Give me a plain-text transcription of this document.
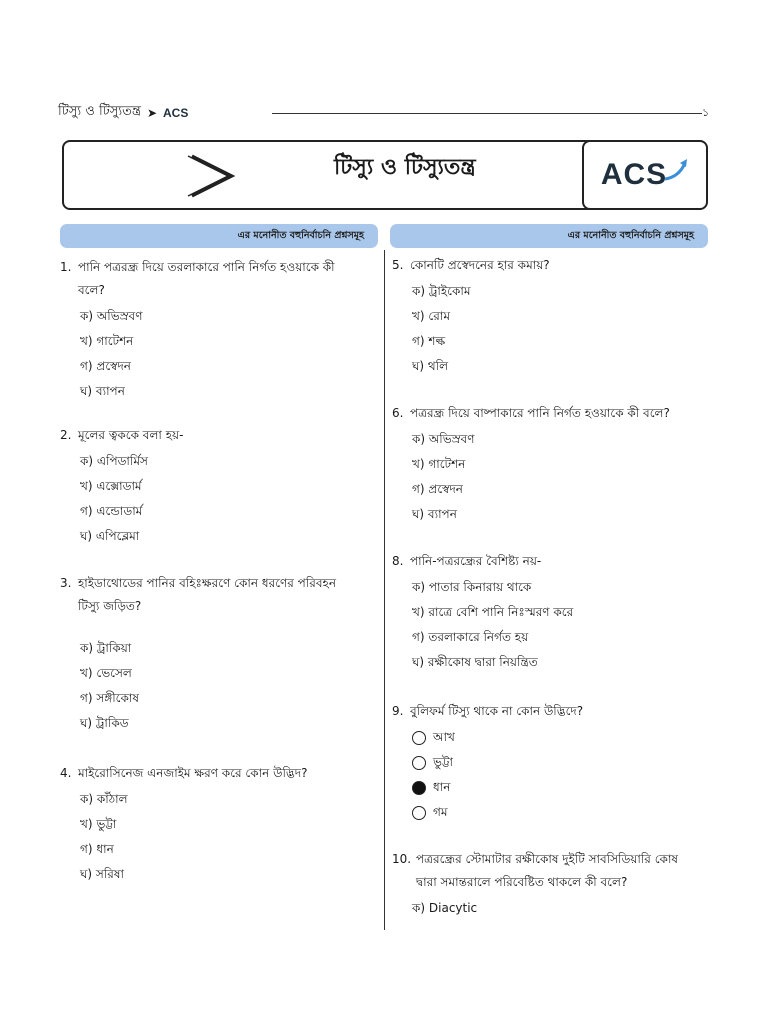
টিস্যু ও টিস্যুতন্ত্র ➤ ACS	১
টিস্যু ও টিস্যুতন্ত্র	ACS
এর মনোনীত বহুনির্বাচনি প্রশ্নসমূহ	এর মনোনীত বহুনির্বাচনি প্রশ্নসমূহ
1. পানি পত্ররন্ধ্র দিয়ে তরলাকারে পানি নির্গত হওয়াকে কী
বলে?
ক) অভিস্রবণ
খ) গাটেশন
গ) প্রস্বেদন
ঘ) ব্যাপন
2. মূলের ত্বককে বলা হয়-
ক) এপিডার্মিস
খ) এক্সোডার্ম
গ) এন্ডোডার্ম
ঘ) এপিব্লেমা
3. হাইডাথোডের পানির বহিঃক্ষরণে কোন ধরণের পরিবহন
টিস্যু জড়িত?
ক) ট্রাকিয়া
খ) ভেসেল
গ) সঙ্গীকোষ
ঘ) ট্রাকিড
4. মাইরোসিনেজ এনজাইম ক্ষরণ করে কোন উদ্ভিদ?
ক) কাঁঠাল
খ) ভুট্টা
গ) ধান
ঘ) সরিষা
5. কোনটি প্রস্বেদনের হার কমায়?
ক) ট্রাইকোম
খ) রোম
গ) শল্ক
ঘ) থলি
6. পত্ররন্ধ্র দিয়ে বাষ্পাকারে পানি নির্গত হওয়াকে কী বলে?
ক) অভিস্রবণ
খ) গাটেশন
গ) প্রস্বেদন
ঘ) ব্যাপন
8. পানি-পত্ররন্ধ্রের বৈশিষ্ট্য নয়-
ক) পাতার কিনারায় থাকে
খ) রাত্রে বেশি পানি নিঃস্মরণ করে
গ) তরলাকারে নির্গত হয়
ঘ) রক্ষীকোষ দ্বারা নিয়ন্ত্রিত
9. বুলিফর্ম টিস্যু থাকে না কোন উদ্ভিদে?
আখ
ভুট্টা
ধান
গম
10. পত্ররন্ধ্রের স্টোমাটার রক্ষীকোষ দুইটি সাবসিডিয়ারি কোষ
দ্বারা সমান্তরালে পরিবেষ্টিত থাকলে কী বলে?
ক) Diacytic
